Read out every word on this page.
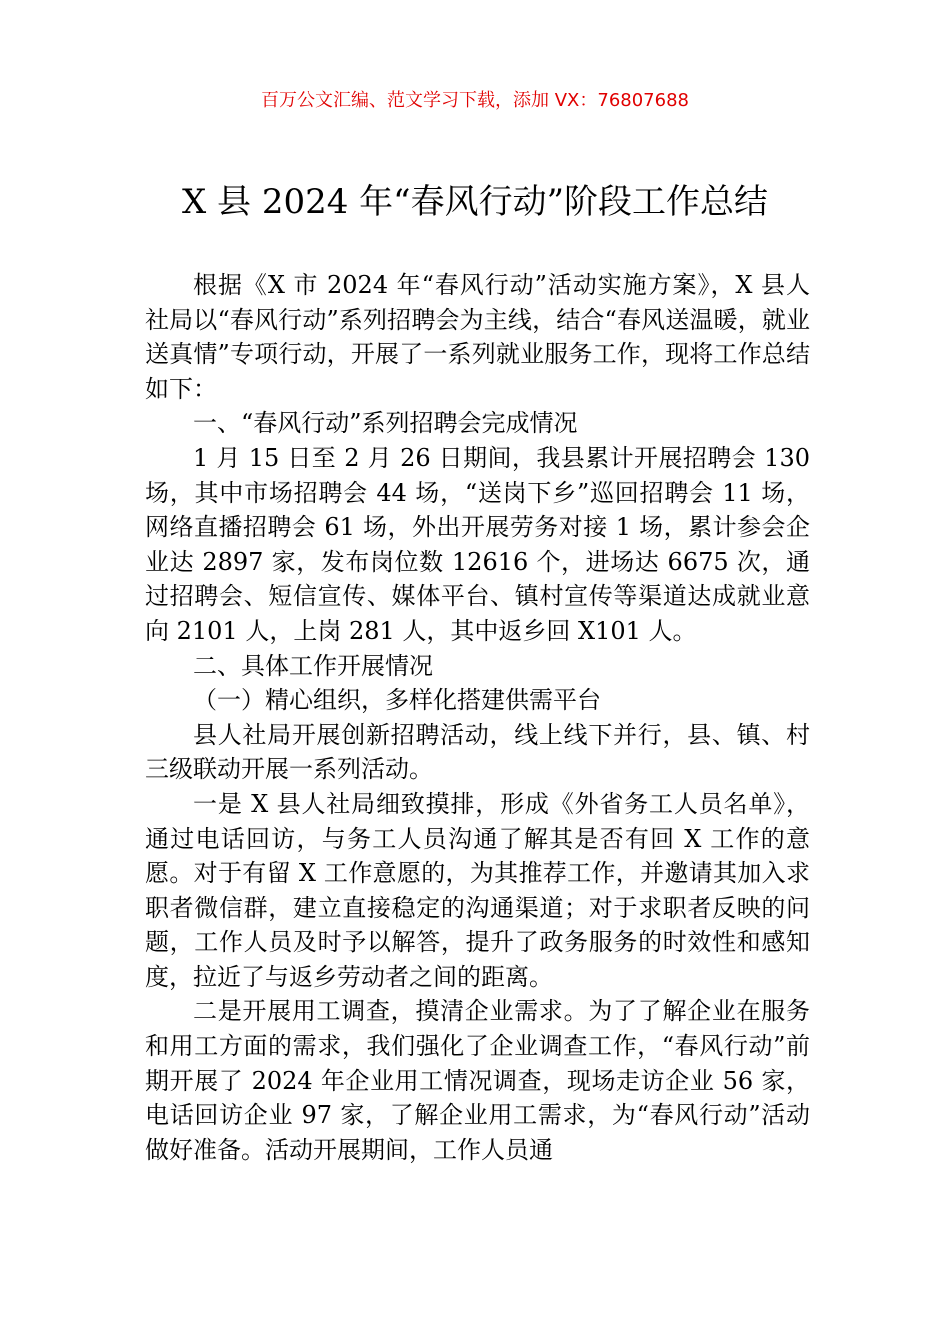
百万公文汇编、范文学习下载，添加 VX：76807688
X 县 2024 年“春风行动”阶段工作总结

根据《X 市 2024 年“春风行动”活动实施方案》，X 县人社局以“春风行动”系列招聘会为主线，结合“春风送温暖，就业送真情”专项行动，开展了一系列就业服务工作，现将工作总结如下：

一、“春风行动”系列招聘会完成情况

1 月 15 日至 2 月 26 日期间，我县累计开展招聘会 130 场，其中市场招聘会 44 场，“送岗下乡”巡回招聘会 11 场，网络直播招聘会 61 场，外出开展劳务对接 1 场，累计参会企业达 2897 家，发布岗位数 12616 个，进场达 6675 次，通过招聘会、短信宣传、媒体平台、镇村宣传等渠道达成就业意向 2101 人，上岗 281 人，其中返乡回 X101 人。

二、具体工作开展情况

（一）精心组织，多样化搭建供需平台

县人社局开展创新招聘活动，线上线下并行，县、镇、村三级联动开展一系列活动。

一是 X 县人社局细致摸排，形成《外省务工人员名单》，通过电话回访，与务工人员沟通了解其是否有回 X 工作的意愿。对于有留 X 工作意愿的，为其推荐工作，并邀请其加入求职者微信群，建立直接稳定的沟通渠道；对于求职者反映的问题，工作人员及时予以解答，提升了政务服务的时效性和感知度，拉近了与返乡劳动者之间的距离。

二是开展用工调查，摸清企业需求。为了了解企业在服务和用工方面的需求，我们强化了企业调查工作，“春风行动”前期开展了 2024 年企业用工情况调查，现场走访企业 56 家，电话回访企业 97 家，了解企业用工需求，为“春风行动”活动做好准备。活动开展期间，工作人员通
